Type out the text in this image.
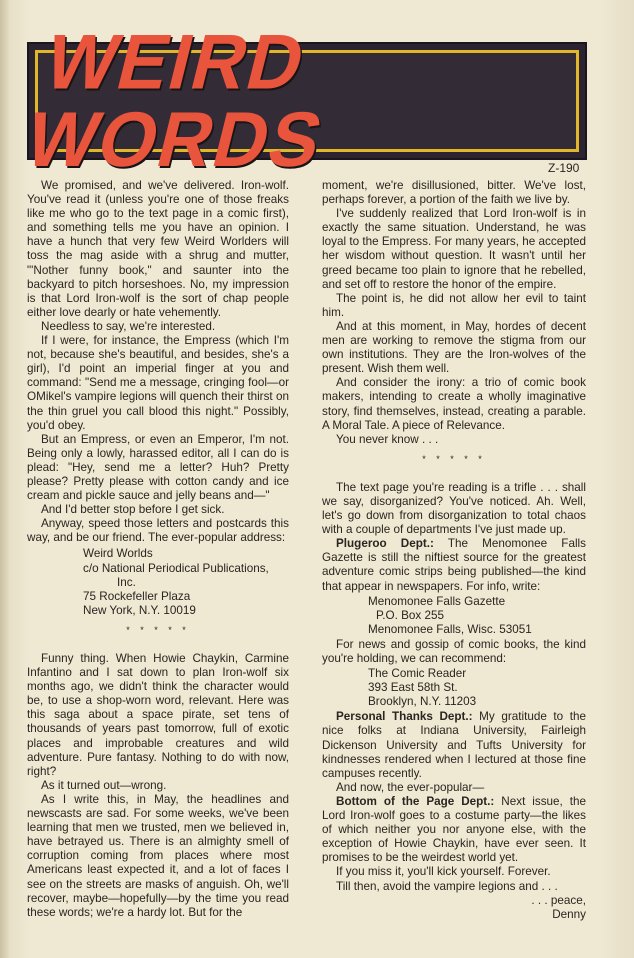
WEIRD WORDS	Z-190

We promised, and we've delivered. Iron-wolf. You've read it (unless you're one of those freaks like me who go to the text page in a comic first), and something tells me you have an opinion. I have a hunch that very few Weird Worlders will toss the mag aside with a shrug and mutter, "'Nother funny book," and saunter into the backyard to pitch horseshoes. No, my impression is that Lord Iron-wolf is the sort of chap people either love dearly or hate vehemently.

Needless to say, we're interested.

If I were, for instance, the Empress (which I'm not, because she's beautiful, and besides, she's a girl), I'd point an imperial finger at you and command: "Send me a message, cringing fool—or OMikel's vampire legions will quench their thirst on the thin gruel you call blood this night." Possibly, you'd obey.

But an Empress, or even an Emperor, I'm not. Being only a lowly, harassed editor, all I can do is plead: "Hey, send me a letter? Huh? Pretty please? Pretty please with cotton candy and ice cream and pickle sauce and jelly beans and—"

And I'd better stop before I get sick.

Anyway, speed those letters and postcards this way, and be our friend. The ever-popular address:

Weird Worlds
c/o National Periodical Publications,
Inc.
75 Rockefeller Plaza
New York, N.Y. 10019
* * * * *

Funny thing. When Howie Chaykin, Carmine Infantino and I sat down to plan Iron-wolf six months ago, we didn't think the character would be, to use a shop-worn word, relevant. Here was this saga about a space pirate, set tens of thousands of years past tomorrow, full of exotic places and improbable creatures and wild adventure. Pure fantasy. Nothing to do with now, right?

As it turned out—wrong.

As I write this, in May, the headlines and newscasts are sad. For some weeks, we've been learning that men we trusted, men we believed in, have betrayed us. There is an almighty smell of corruption coming from places where most Americans least expected it, and a lot of faces I see on the streets are masks of anguish. Oh, we'll recover, maybe—hopefully—by the time you read these words; we're a hardy lot. But for the

moment, we're disillusioned, bitter. We've lost, perhaps forever, a portion of the faith we live by.

I've suddenly realized that Lord Iron-wolf is in exactly the same situation. Understand, he was loyal to the Empress. For many years, he accepted her wisdom without question. It wasn't until her greed became too plain to ignore that he rebelled, and set off to restore the honor of the empire.

The point is, he did not allow her evil to taint him.

And at this moment, in May, hordes of decent men are working to remove the stigma from our own institutions. They are the Iron-wolves of the present. Wish them well.

And consider the irony: a trio of comic book makers, intending to create a wholly imaginative story, find themselves, instead, creating a parable. A Moral Tale. A piece of Relevance.

You never know . . .

* * * * *

The text page you're reading is a trifle . . . shall we say, disorganized? You've noticed. Ah. Well, let's go down from disorganization to total chaos with a couple of departments I've just made up.

Plugeroo Dept.: The Menomonee Falls Gazette is still the niftiest source for the greatest adventure comic strips being published—the kind that appear in newspapers. For info, write:

Menomonee Falls Gazette
P.O. Box 255
Menomonee Falls, Wisc. 53051

For news and gossip of comic books, the kind you're holding, we can recommend:

The Comic Reader
393 East 58th St.
Brooklyn, N.Y. 11203

Personal Thanks Dept.: My gratitude to the nice folks at Indiana University, Fairleigh Dickenson University and Tufts University for kindnesses rendered when I lectured at those fine campuses recently.

And now, the ever-popular—

Bottom of the Page Dept.: Next issue, the Lord Iron-wolf goes to a costume party—the likes of which neither you nor anyone else, with the exception of Howie Chaykin, have ever seen. It promises to be the weirdest world yet.

If you miss it, you'll kick yourself. Forever.

Till then, avoid the vampire legions and . . .

. . . peace,
Denny
